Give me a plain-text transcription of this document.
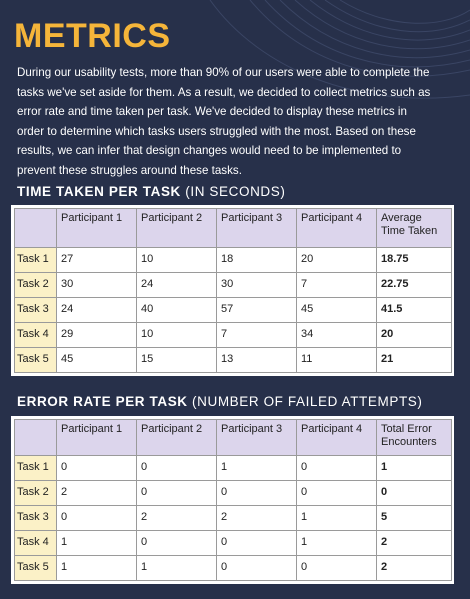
METRICS

During our usability tests, more than 90% of our users were able to complete the tasks we've set aside for them. As a result, we decided to collect metrics such as error rate and time taken per task. We've decided to display these metrics in order to determine which tasks users struggled with the most. Based on these results, we can infer that design changes would need to be implemented to prevent these struggles around these tasks.

TIME TAKEN PER TASK (IN SECONDS)
	Participant 1	Participant 2	Participant 3	Participant 4	Average Time Taken
Task 1	27	10	18	20	18.75
Task 2	30	24	30	7	22.75
Task 3	24	40	57	45	41.5
Task 4	29	10	7	34	20
Task 5	45	15	13	11	21
ERROR RATE PER TASK (NUMBER OF FAILED ATTEMPTS)
	Participant 1	Participant 2	Participant 3	Participant 4	Total Error Encounters
Task 1	0	0	1	0	1
Task 2	2	0	0	0	0
Task 3	0	2	2	1	5
Task 4	1	0	0	1	2
Task 5	1	1	0	0	2
